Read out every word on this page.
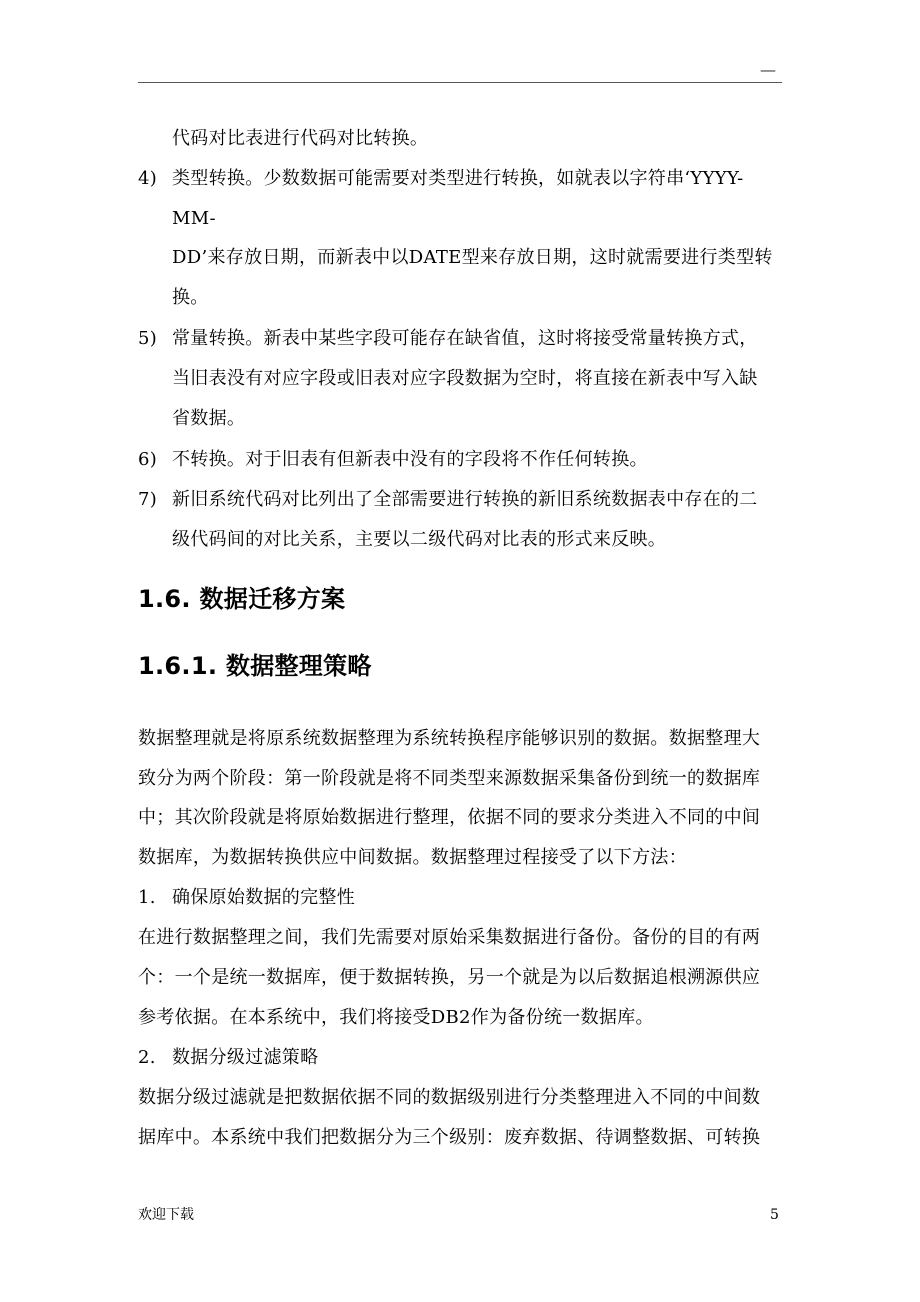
—
代码对比表进行代码对比转换。
4) 类型转换。少数数据可能需要对类型进行转换，如就表以字符串‘YYYY-
MM-
DD’来存放日期，而新表中以DATE型来存放日期，这时就需要进行类型转
换。
5) 常量转换。新表中某些字段可能存在缺省值，这时将接受常量转换方式，
当旧表没有对应字段或旧表对应字段数据为空时，将直接在新表中写入缺
省数据。
6) 不转换。对于旧表有但新表中没有的字段将不作任何转换。
7) 新旧系统代码对比列出了全部需要进行转换的新旧系统数据表中存在的二
级代码间的对比关系，主要以二级代码对比表的形式来反映。
1.6. 数据迁移方案
1.6.1. 数据整理策略
数据整理就是将原系统数据整理为系统转换程序能够识别的数据。数据整理大
致分为两个阶段：第一阶段就是将不同类型来源数据采集备份到统一的数据库
中；其次阶段就是将原始数据进行整理，依据不同的要求分类进入不同的中间
数据库，为数据转换供应中间数据。数据整理过程接受了以下方法：
1. 确保原始数据的完整性
在进行数据整理之间，我们先需要对原始采集数据进行备份。备份的目的有两
个：一个是统一数据库，便于数据转换，另一个就是为以后数据追根溯源供应
参考依据。在本系统中，我们将接受DB2作为备份统一数据库。
2. 数据分级过滤策略
数据分级过滤就是把数据依据不同的数据级别进行分类整理进入不同的中间数
据库中。本系统中我们把数据分为三个级别：废弃数据、待调整数据、可转换
欢迎下载	5
